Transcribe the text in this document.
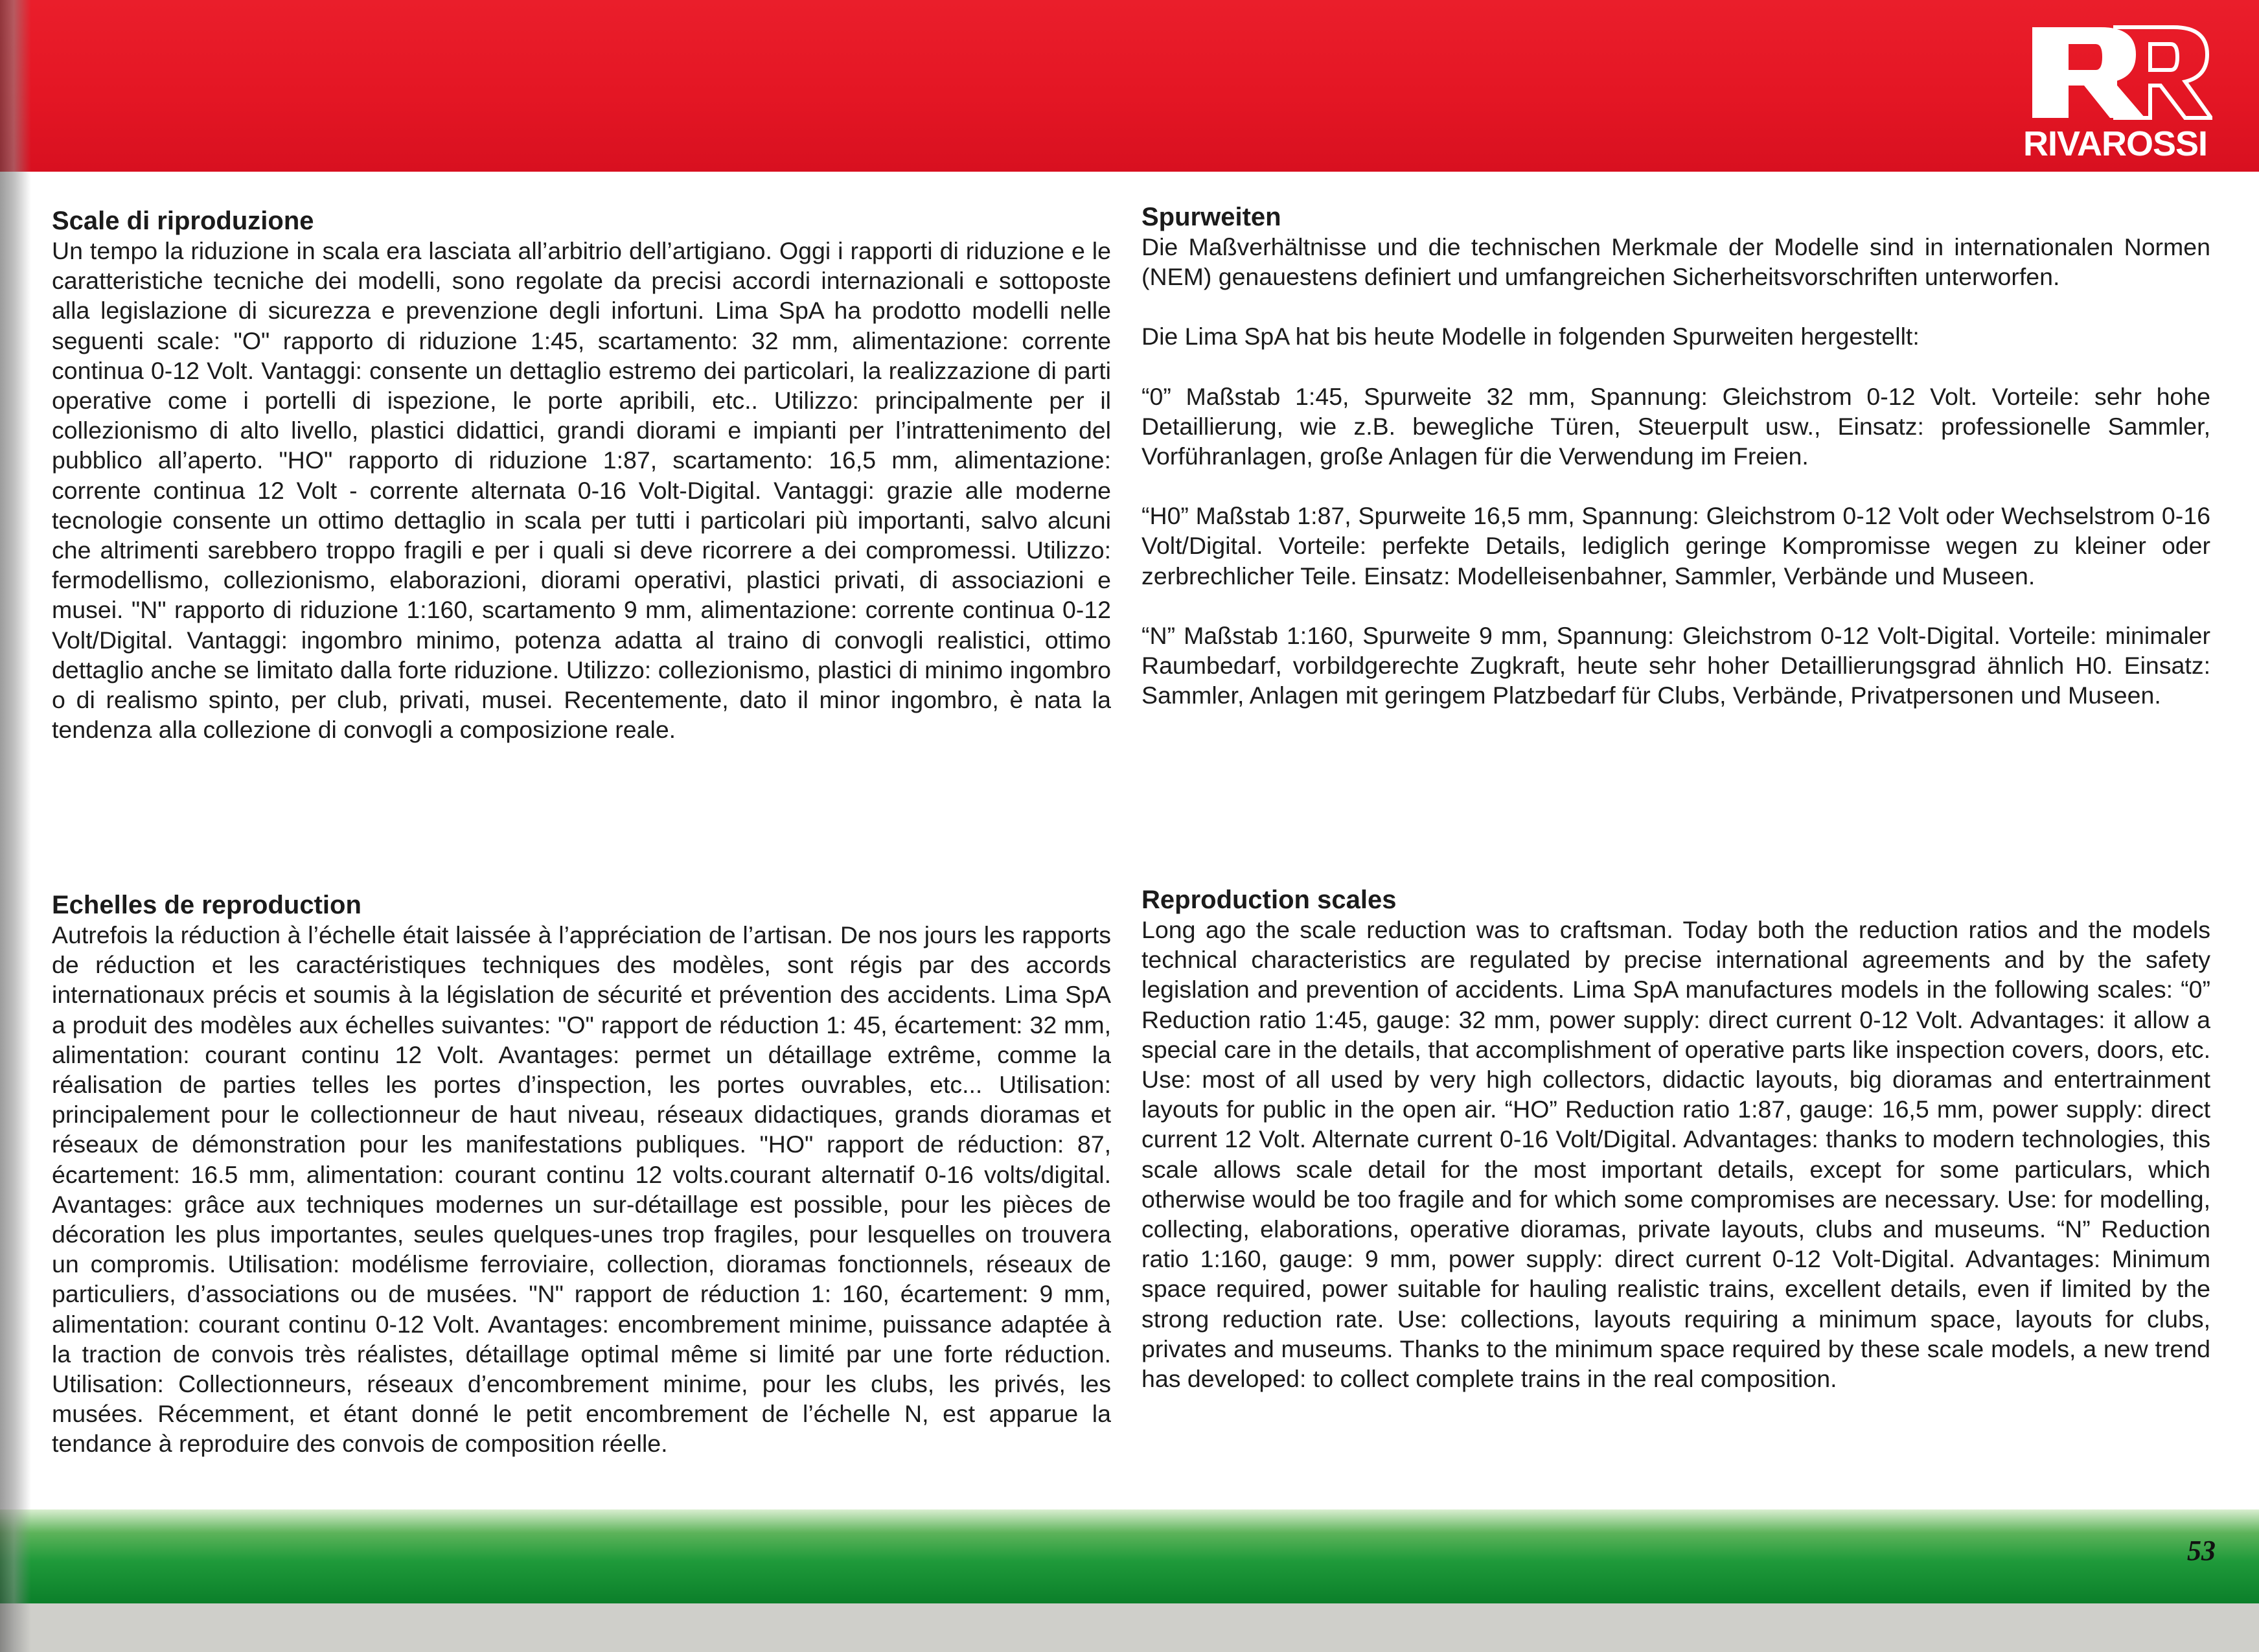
RIVAROSSI
Scale di riproduzione

Un tempo la riduzione in scala era lasciata all’arbitrio dell’artigiano. Oggi i rapporti di riduzione e le caratteristiche tecniche dei modelli, sono regolate da precisi accordi internazionali e sottoposte alla legislazione di sicurezza e prevenzione degli infortuni. Lima SpA ha prodotto modelli nelle seguenti scale: "O" rapporto di riduzione 1:45, scartamento: 32 mm, alimentazione: corrente continua 0-12 Volt. Vantaggi: consente un dettaglio estremo dei particolari, la realizzazione di parti operative come i portelli di ispezione, le porte apribili, etc.. Utilizzo: principalmente per il collezionismo di alto livello, plastici didattici, grandi diorami e impianti per l’intrattenimento del pubblico all’aperto. "HO" rapporto di riduzione 1:87, scartamento: 16,5 mm, alimentazione: corrente continua 12 Volt - corrente alternata 0-16 Volt-Digital. Vantaggi: grazie alle moderne tecnologie consente un ottimo dettaglio in scala per tutti i particolari più importanti, salvo alcuni che altrimenti sarebbero troppo fragili e per i quali si deve ricorrere a dei compromessi. Utilizzo: fermodellismo, collezionismo, elaborazioni, diorami operativi, plastici privati, di associazioni e musei. "N" rapporto di riduzione 1:160, scartamento 9 mm, alimentazione: corrente continua 0-12 Volt/Digital. Vantaggi: ingombro minimo, potenza adatta al traino di convogli realistici, ottimo dettaglio anche se limitato dalla forte riduzione. Utilizzo: collezionismo, plastici di minimo ingombro o di realismo spinto, per club, privati, musei. Recentemente, dato il minor ingombro, è nata la tendenza alla collezione di convogli a composizione reale.

Echelles de reproduction

Autrefois la réduction à l’échelle était laissée à l’appréciation de l’artisan. De nos jours les rapports de réduction et les caractéristiques techniques des modèles, sont régis par des accords internationaux précis et soumis à la législation de sécurité et prévention des accidents. Lima SpA a produit des modèles aux échelles suivantes: "O" rapport de réduction 1: 45, écartement: 32 mm, alimentation: courant continu 12 Volt. Avantages: permet un détaillage extrême, comme la réalisation de parties telles les portes d’inspection, les portes ouvrables, etc... Utilisation: principalement pour le collectionneur de haut niveau, réseaux didactiques, grands dioramas et réseaux de démonstration pour les manifestations publiques. "HO" rapport de réduction: 87, écartement: 16.5 mm, alimentation: courant continu 12 volts.courant alternatif 0-16 volts/digital. Avantages: grâce aux techniques modernes un sur-détaillage est possible, pour les pièces de décoration les plus importantes, seules quelques-unes trop fragiles, pour lesquelles on trouvera un compromis. Utilisation: modélisme ferroviaire, collection, dioramas fonctionnels, réseaux de particuliers, d’associations ou de musées. "N" rapport de réduction 1: 160, écartement: 9 mm, alimentation: courant continu 0-12 Volt. Avantages: encombrement minime, puissance adaptée à la traction de convois très réalistes, détaillage optimal même si limité par une forte réduction. Utilisation: Collectionneurs, réseaux d’encombrement minime, pour les clubs, les privés, les musées. Récemment, et étant donné le petit encombrement de l’échelle N, est apparue la tendance à reproduire des convois de composition réelle.

Spurweiten

Die Maßverhältnisse und die technischen Merkmale der Modelle sind in internationalen Normen (NEM) genauestens definiert und umfangreichen Sicherheitsvorschriften unterworfen.

Die Lima SpA hat bis heute Modelle in folgenden Spurweiten hergestellt:

“0” Maßstab 1:45, Spurweite 32 mm, Spannung: Gleichstrom 0-12 Volt. Vorteile: sehr hohe Detaillierung, wie z.B. bewegliche Türen, Steuerpult usw., Einsatz: professionelle Sammler, Vorführanlagen, große Anlagen für die Verwendung im Freien.

“H0” Maßstab 1:87, Spurweite 16,5 mm, Spannung: Gleichstrom 0-12 Volt oder Wechselstrom 0-16 Volt/Digital. Vorteile: perfekte Details, lediglich geringe Kompromisse wegen zu kleiner oder zerbrechlicher Teile. Einsatz: Modelleisenbahner, Sammler, Verbände und Museen.

“N” Maßstab 1:160, Spurweite 9 mm, Spannung: Gleichstrom 0-12 Volt-Digital. Vorteile: minimaler Raumbedarf, vorbildgerechte Zugkraft, heute sehr hoher Detaillierungsgrad ähnlich H0. Einsatz: Sammler, Anlagen mit geringem Platzbedarf für Clubs, Verbände, Privatpersonen und Museen.

Reproduction scales

Long ago the scale reduction was to craftsman. Today both the reduction ratios and the models technical characteristics are regulated by precise international agreements and by the safety legislation and prevention of accidents. Lima SpA manufactures models in the following scales: “0” Reduction ratio 1:45, gauge: 32 mm, power supply: direct current 0-12 Volt. Advantages: it allow a special care in the details, that accomplishment of operative parts like inspection covers, doors, etc. Use: most of all used by very high collectors, didactic layouts, big dioramas and entertrainment layouts for public in the open air. “HO” Reduction ratio 1:87, gauge: 16,5 mm, power supply: direct current 12 Volt. Alternate current 0-16 Volt/Digital. Advantages: thanks to modern technologies, this scale allows scale detail for the most important details, except for some particulars, which otherwise would be too fragile and for which some compromises are necessary. Use: for modelling, collecting, elaborations, operative dioramas, private layouts, clubs and museums. “N” Reduction ratio 1:160, gauge: 9 mm, power supply: direct current 0-12 Volt-Digital. Advantages: Minimum space required, power suitable for hauling realistic trains, excellent details, even if limited by the strong reduction rate. Use: collections, layouts requiring a minimum space, layouts for clubs, privates and museums. Thanks to the minimum space required by these scale models, a new trend has developed: to collect complete trains in the real composition.

53
